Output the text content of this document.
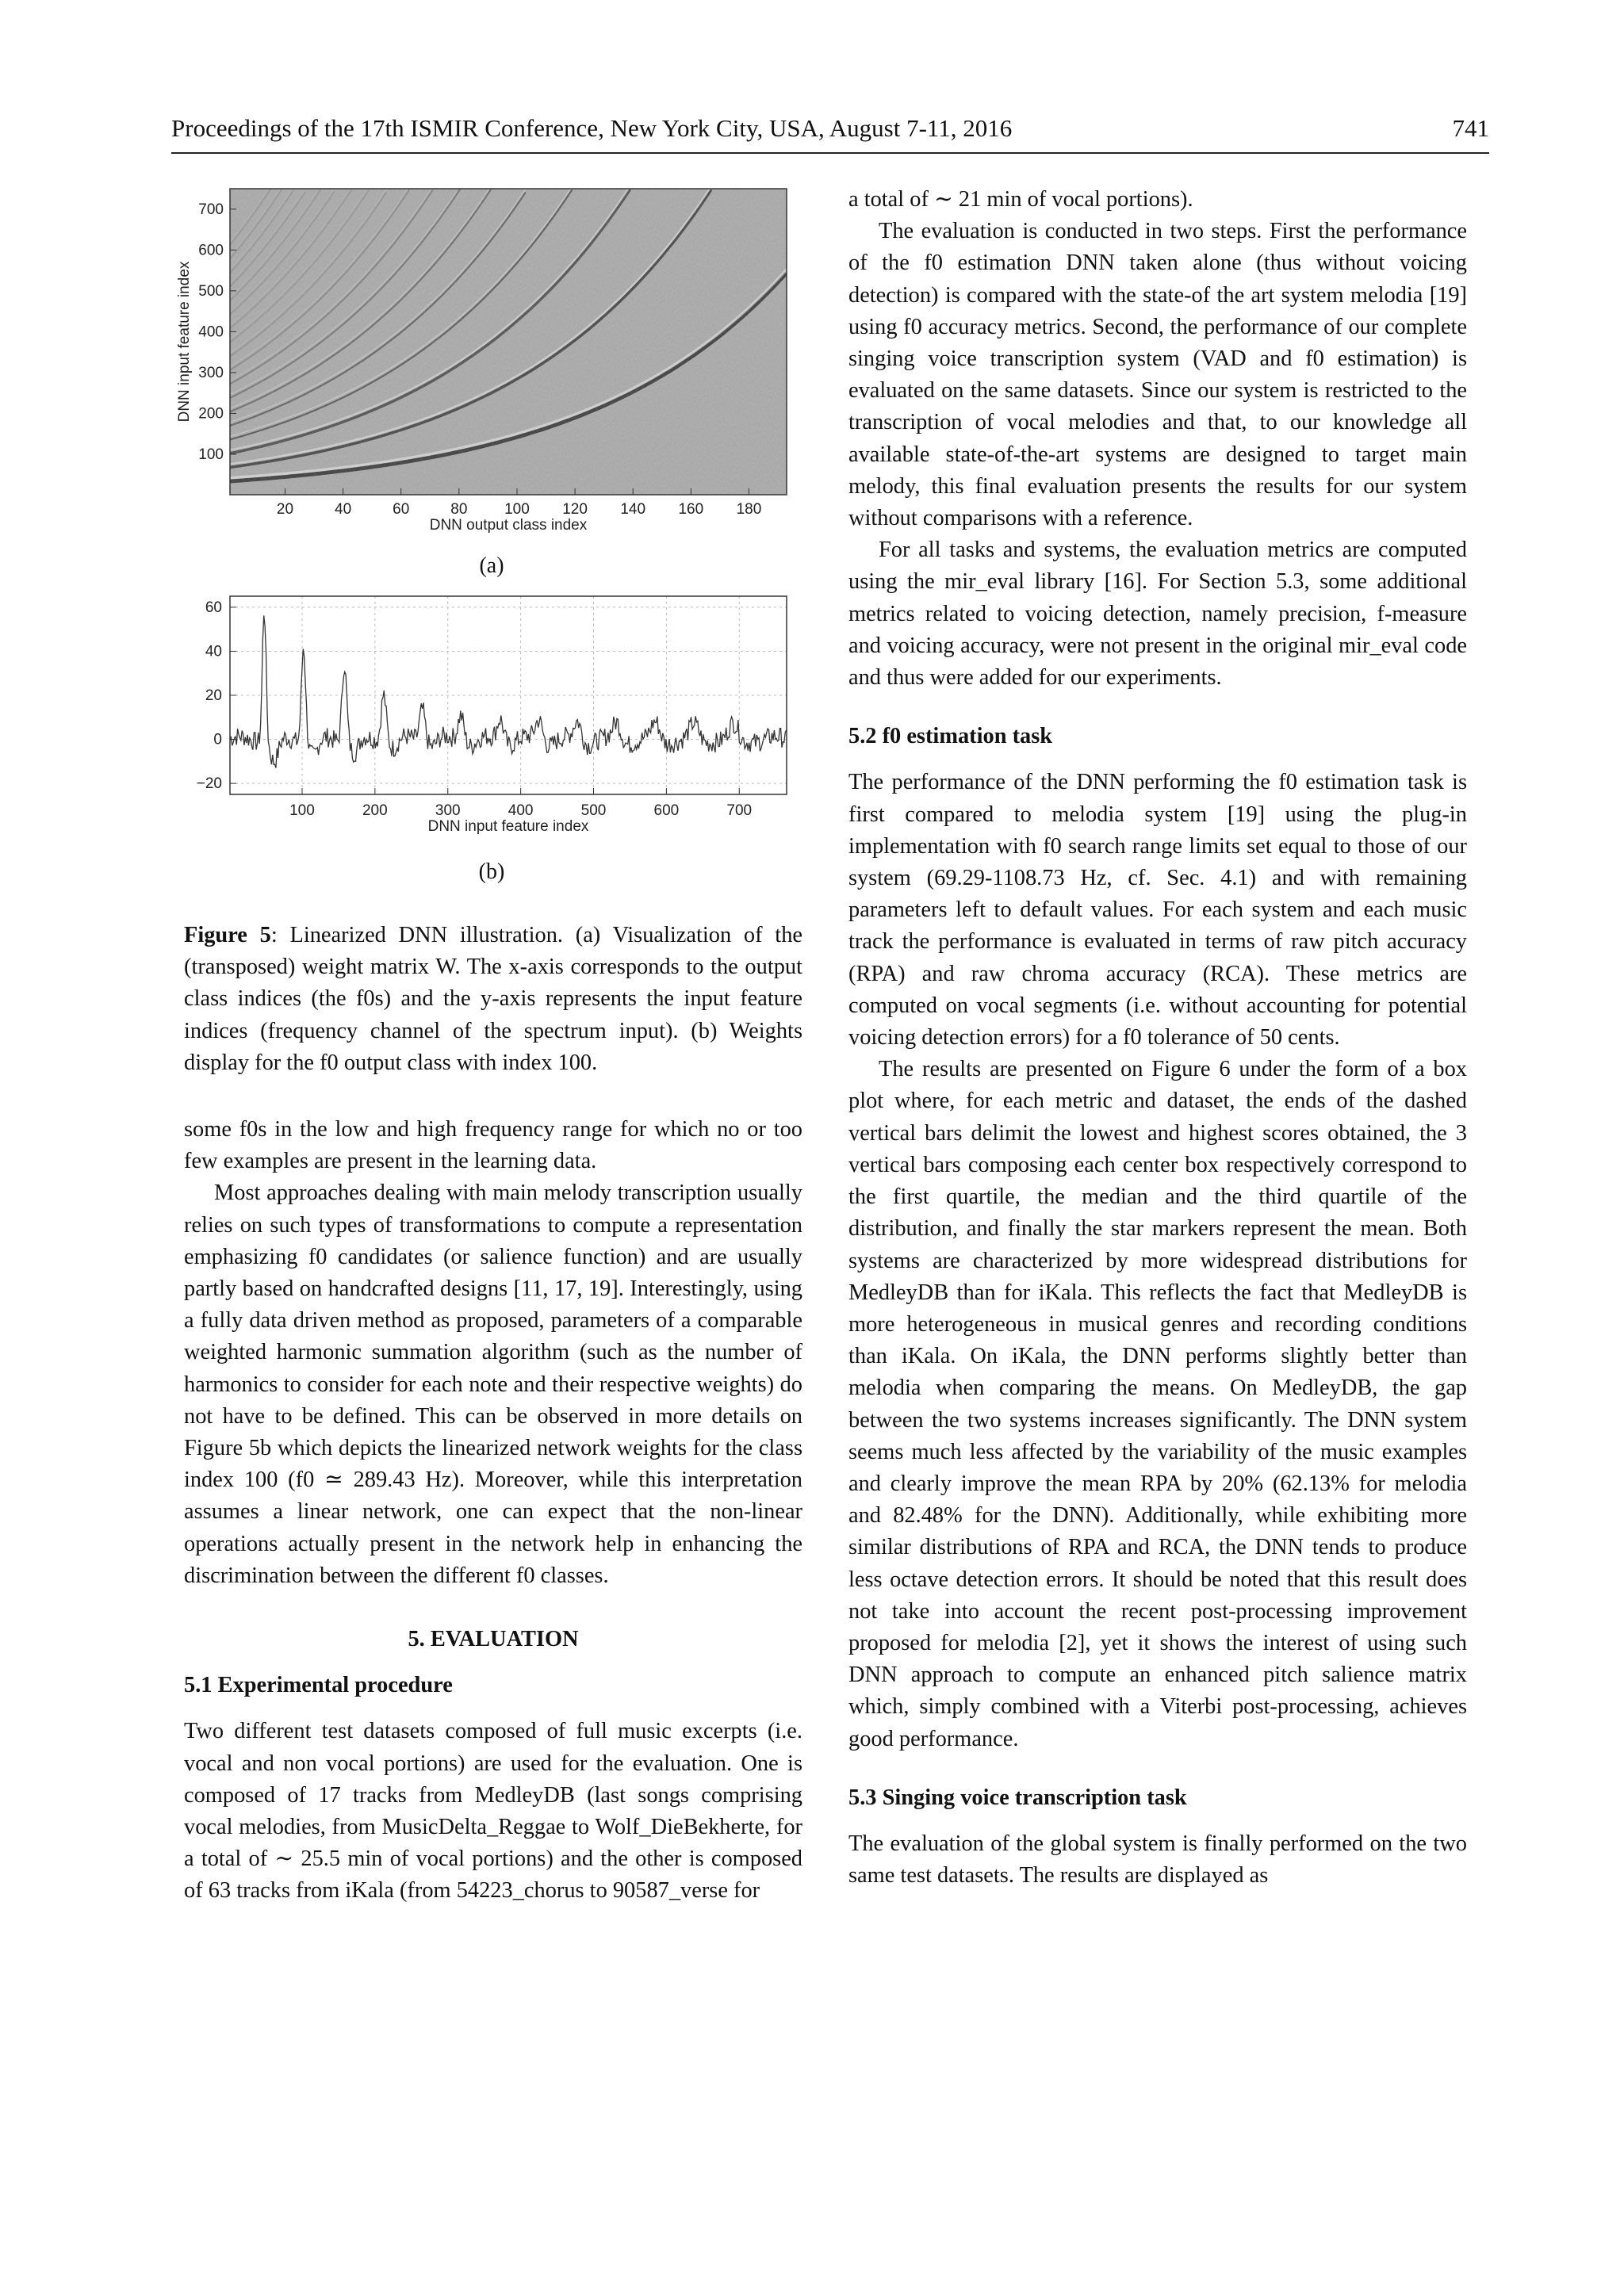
Proceedings of the 17th ISMIR Conference, New York City, USA, August 7-11, 2016	741
20	40	60	80 100 120 140 160 180
100
200
300
400
500
600
700
DNN output class index
DNN input feature index
100	200	300	400	500	600	700
60
40
20
0
−20
DNN input feature index
(a)
(b)

Figure 5: Linearized DNN illustration. (a) Visualization of the (transposed) weight matrix W. The x-axis corresponds to the output class indices (the f0s) and the y-axis represents the input feature indices (frequency channel of the spectrum input). (b) Weights display for the f0 output class with index 100.

some f0s in the low and high frequency range for which no or too few examples are present in the learning data.

Most approaches dealing with main melody transcription usually relies on such types of transformations to compute a representation emphasizing f0 candidates (or salience function) and are usually partly based on handcrafted designs [11, 17, 19]. Interestingly, using a fully data driven method as proposed, parameters of a comparable weighted harmonic summation algorithm (such as the number of harmonics to consider for each note and their respective weights) do not have to be defined. This can be observed in more details on Figure 5b which depicts the linearized network weights for the class index 100 (f0 ≃ 289.43 Hz). Moreover, while this interpretation assumes a linear network, one can expect that the non-linear operations actually present in the network help in enhancing the discrimination between the different f0 classes.

5. EVALUATION

5.1 Experimental procedure

Two different test datasets composed of full music excerpts (i.e. vocal and non vocal portions) are used for the evaluation. One is composed of 17 tracks from MedleyDB (last songs comprising vocal melodies, from MusicDelta_Reggae to Wolf_DieBekherte, for a total of ∼ 25.5 min of vocal portions) and the other is composed of 63 tracks from iKala (from 54223_chorus to 90587_verse for

a total of ∼ 21 min of vocal portions).

The evaluation is conducted in two steps. First the performance of the f0 estimation DNN taken alone (thus without voicing detection) is compared with the state-of the art system melodia [19] using f0 accuracy metrics. Second, the performance of our complete singing voice transcription system (VAD and f0 estimation) is evaluated on the same datasets. Since our system is restricted to the transcription of vocal melodies and that, to our knowledge all available state-of-the-art systems are designed to target main melody, this final evaluation presents the results for our system without comparisons with a reference.

For all tasks and systems, the evaluation metrics are computed using the mir_eval library [16]. For Section 5.3, some additional metrics related to voicing detection, namely precision, f-measure and voicing accuracy, were not present in the original mir_eval code and thus were added for our experiments.

5.2 f0 estimation task

The performance of the DNN performing the f0 estimation task is first compared to melodia system [19] using the plug-in implementation with f0 search range limits set equal to those of our system (69.29-1108.73 Hz, cf. Sec. 4.1) and with remaining parameters left to default values. For each system and each music track the performance is evaluated in terms of raw pitch accuracy (RPA) and raw chroma accuracy (RCA). These metrics are computed on vocal segments (i.e. without accounting for potential voicing detection errors) for a f0 tolerance of 50 cents.

The results are presented on Figure 6 under the form of a box plot where, for each metric and dataset, the ends of the dashed vertical bars delimit the lowest and highest scores obtained, the 3 vertical bars composing each center box respectively correspond to the first quartile, the median and the third quartile of the distribution, and finally the star markers represent the mean. Both systems are characterized by more widespread distributions for MedleyDB than for iKala. This reflects the fact that MedleyDB is more heterogeneous in musical genres and recording conditions than iKala. On iKala, the DNN performs slightly better than melodia when comparing the means. On MedleyDB, the gap between the two systems increases significantly. The DNN system seems much less affected by the variability of the music examples and clearly improve the mean RPA by 20% (62.13% for melodia and 82.48% for the DNN). Additionally, while exhibiting more similar distributions of RPA and RCA, the DNN tends to produce less octave detection errors. It should be noted that this result does not take into account the recent post-processing improvement proposed for melodia [2], yet it shows the interest of using such DNN approach to compute an enhanced pitch salience matrix which, simply combined with a Viterbi post-processing, achieves good performance.

5.3 Singing voice transcription task

The evaluation of the global system is finally performed on the two same test datasets. The results are displayed as
